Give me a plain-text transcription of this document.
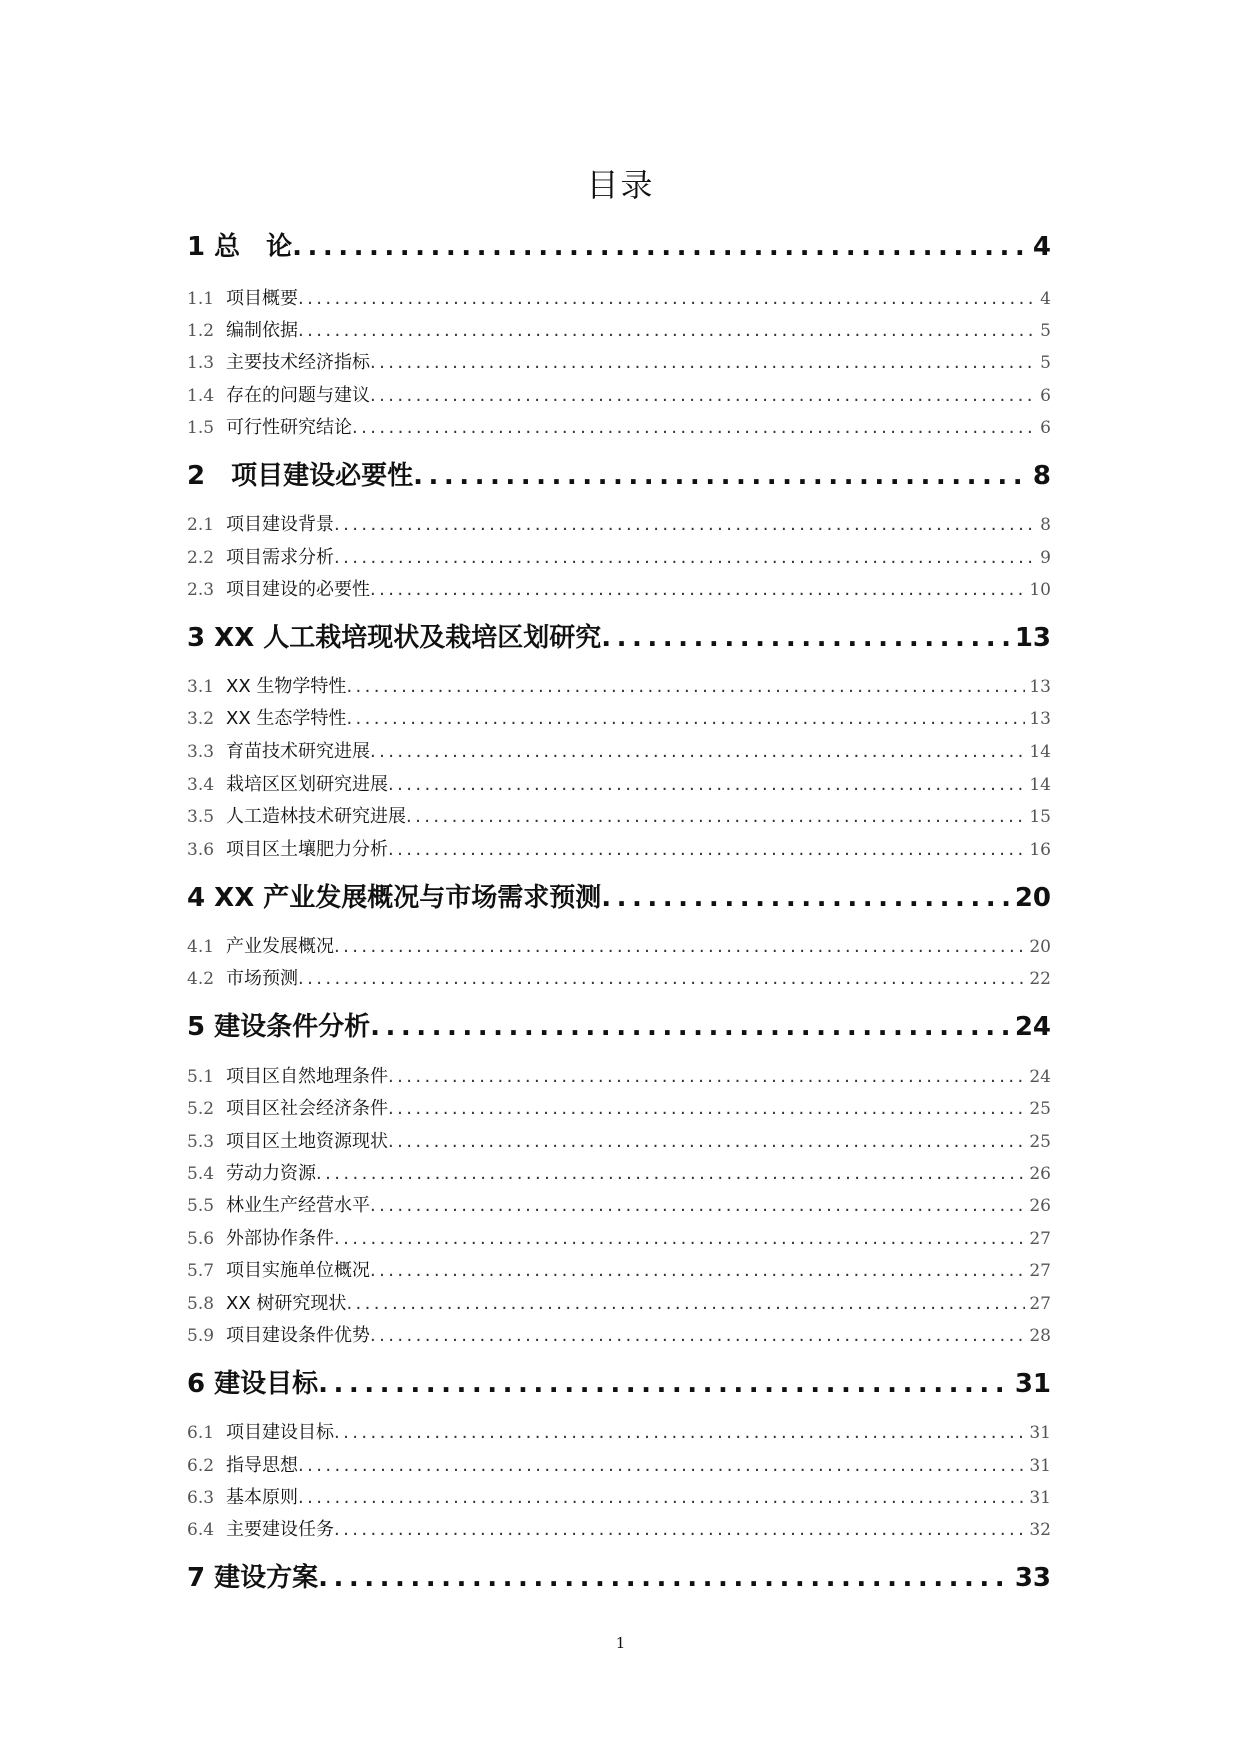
目录
1 总　论 .....	4
1.1 项目概要 .....	4
1.2 编制依据 .....	5
1.3 主要技术经济指标 .....	5
1.4 存在的问题与建议 .....	6
1.5 可行性研究结论 .....	6
2　项目建设必要性 .....	8
2.1 项目建设背景 .....	8
2.2 项目需求分析 .....	9
2.3 项目建设的必要性 .....	10
3 XX 人工栽培现状及栽培区划研究 .....	13
3.1 XX 生物学特性 .....	13
3.2 XX 生态学特性 .....	13
3.3 育苗技术研究进展 .....	14
3.4 栽培区区划研究进展 .....	14
3.5 人工造林技术研究进展 .....	15
3.6 项目区土壤肥力分析 .....	16
4 XX 产业发展概况与市场需求预测 .....	20
4.1 产业发展概况 .....	20
4.2 市场预测 .....	22
5 建设条件分析 .....	24
5.1 项目区自然地理条件 .....	24
5.2 项目区社会经济条件 .....	25
5.3 项目区土地资源现状 .....	25
5.4 劳动力资源 .....	26
5.5 林业生产经营水平 .....	26
5.6 外部协作条件 .....	27
5.7 项目实施单位概况 .....	27
5.8 XX 树研究现状 .....	27
5.9 项目建设条件优势 .....	28
6 建设目标 .....	31
6.1 项目建设目标 .....	31
6.2 指导思想 .....	31
6.3 基本原则 .....	31
6.4 主要建设任务 .....	32
7 建设方案 .....	33
1
